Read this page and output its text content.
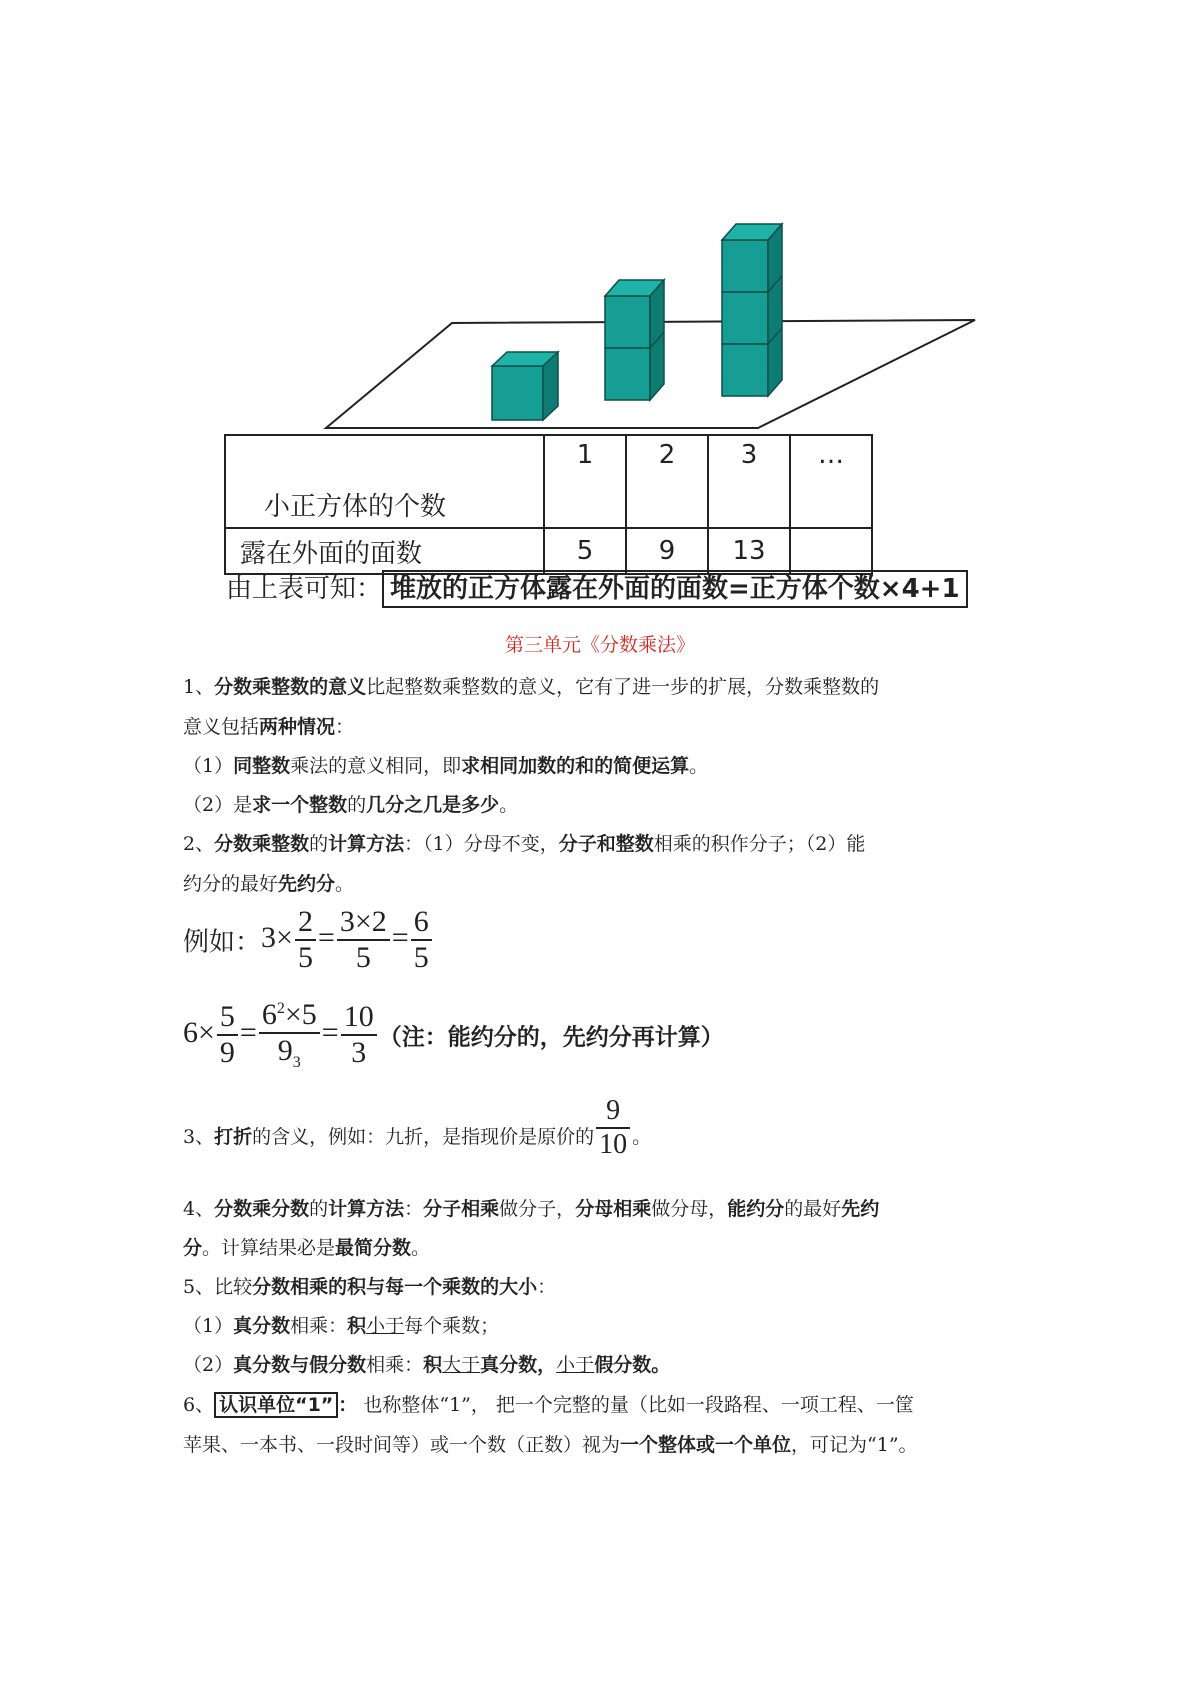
小正方体的个数	1	2	3	…
露在外面的面数	5	9	13	
由上表可知： 堆放的正方体露在外面的面数=正方体个数×4+1
第三单元《分数乘法》
1、分数乘整数的意义比起整数乘整数的意义，它有了进一步的扩展，分数乘整数的
意义包括两种情况：
（1）同整数乘法的意义相同，即求相同加数的和的简便运算。
（2）是求一个整数的几分之几是多少。
2、分数乘整数的计算方法：（1）分母不变，分子和整数相乘的积作分子；（2）能
约分的最好先约分。
例如：$3\times \frac{2}{5} = \frac{3\times 2}{5} = \frac{6}{5}$
$6\times \frac{5}{9} = \frac{6^2\times 5}{9_3} = \frac{10}{3}$ （注：能约分的，先约分再计算）
3、打折的含义，例如：九折，是指现价是原价的 $\frac{9}{10}$ 。
4、分数乘分数的计算方法：分子相乘做分子，分母相乘做分母，能约分的最好先约
分。计算结果必是最简分数。
5、比较分数相乘的积与每一个乘数的大小：
（1）真分数相乘：积小于每个乘数；
（2）真分数与假分数相乘：积大于真分数，小于假分数。
6、 认识单位“1” ： 也称整体“1”， 把一个完整的量（比如一段路程、一项工程、一筐
苹果、一本书、一段时间等）或一个数（正数）视为一个整体或一个单位，可记为“1”。
